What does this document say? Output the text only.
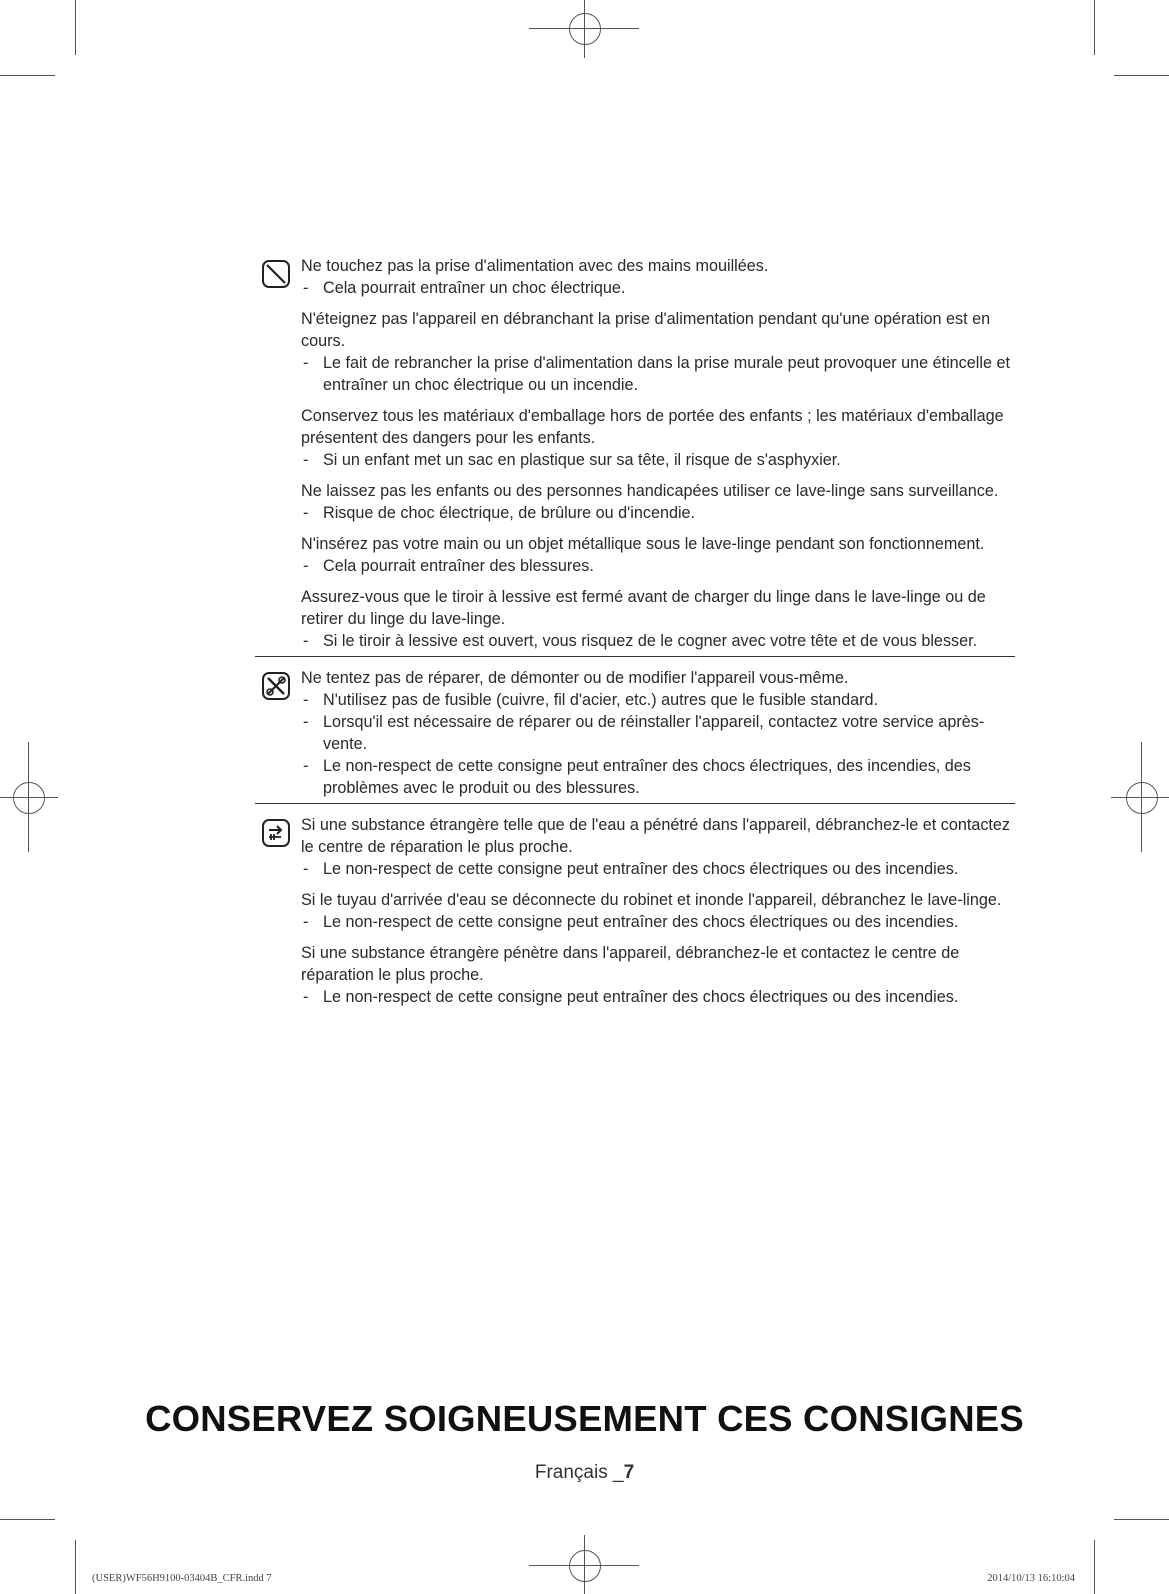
Ne touchez pas la prise d'alimentation avec des mains mouillées.

- Cela pourrait entraîner un choc électrique.

N'éteignez pas l'appareil en débranchant la prise d'alimentation pendant qu'une opération est en cours.

- Le fait de rebrancher la prise d'alimentation dans la prise murale peut provoquer une étincelle et entraîner un choc électrique ou un incendie.

Conservez tous les matériaux d'emballage hors de portée des enfants ; les matériaux d'emballage présentent des dangers pour les enfants.

- Si un enfant met un sac en plastique sur sa tête, il risque de s'asphyxier.

Ne laissez pas les enfants ou des personnes handicapées utiliser ce lave-linge sans surveillance.

- Risque de choc électrique, de brûlure ou d'incendie.

N'insérez pas votre main ou un objet métallique sous le lave-linge pendant son fonctionnement.

- Cela pourrait entraîner des blessures.

Assurez-vous que le tiroir à lessive est fermé avant de charger du linge dans le lave-linge ou de retirer du linge du lave-linge.

- Si le tiroir à lessive est ouvert, vous risquez de le cogner avec votre tête et de vous blesser.

Ne tentez pas de réparer, de démonter ou de modifier l'appareil vous-même.

- N'utilisez pas de fusible (cuivre, fil d'acier, etc.) autres que le fusible standard.

- Lorsqu'il est nécessaire de réparer ou de réinstaller l'appareil, contactez votre service après-vente.

- Le non-respect de cette consigne peut entraîner des chocs électriques, des incendies, des problèmes avec le produit ou des blessures.

Si une substance étrangère telle que de l'eau a pénétré dans l'appareil, débranchez-le et contactez le centre de réparation le plus proche.

- Le non-respect de cette consigne peut entraîner des chocs électriques ou des incendies.

Si le tuyau d'arrivée d'eau se déconnecte du robinet et inonde l'appareil, débranchez le lave-linge.

- Le non-respect de cette consigne peut entraîner des chocs électriques ou des incendies.

Si une substance étrangère pénètre dans l'appareil, débranchez-le et contactez le centre de réparation le plus proche.

- Le non-respect de cette consigne peut entraîner des chocs électriques ou des incendies.

CONSERVEZ SOIGNEUSEMENT CES CONSIGNES
Français _7
(USER)WF56H9100-03404B_CFR.indd 7	2014/10/13 16:10:04
